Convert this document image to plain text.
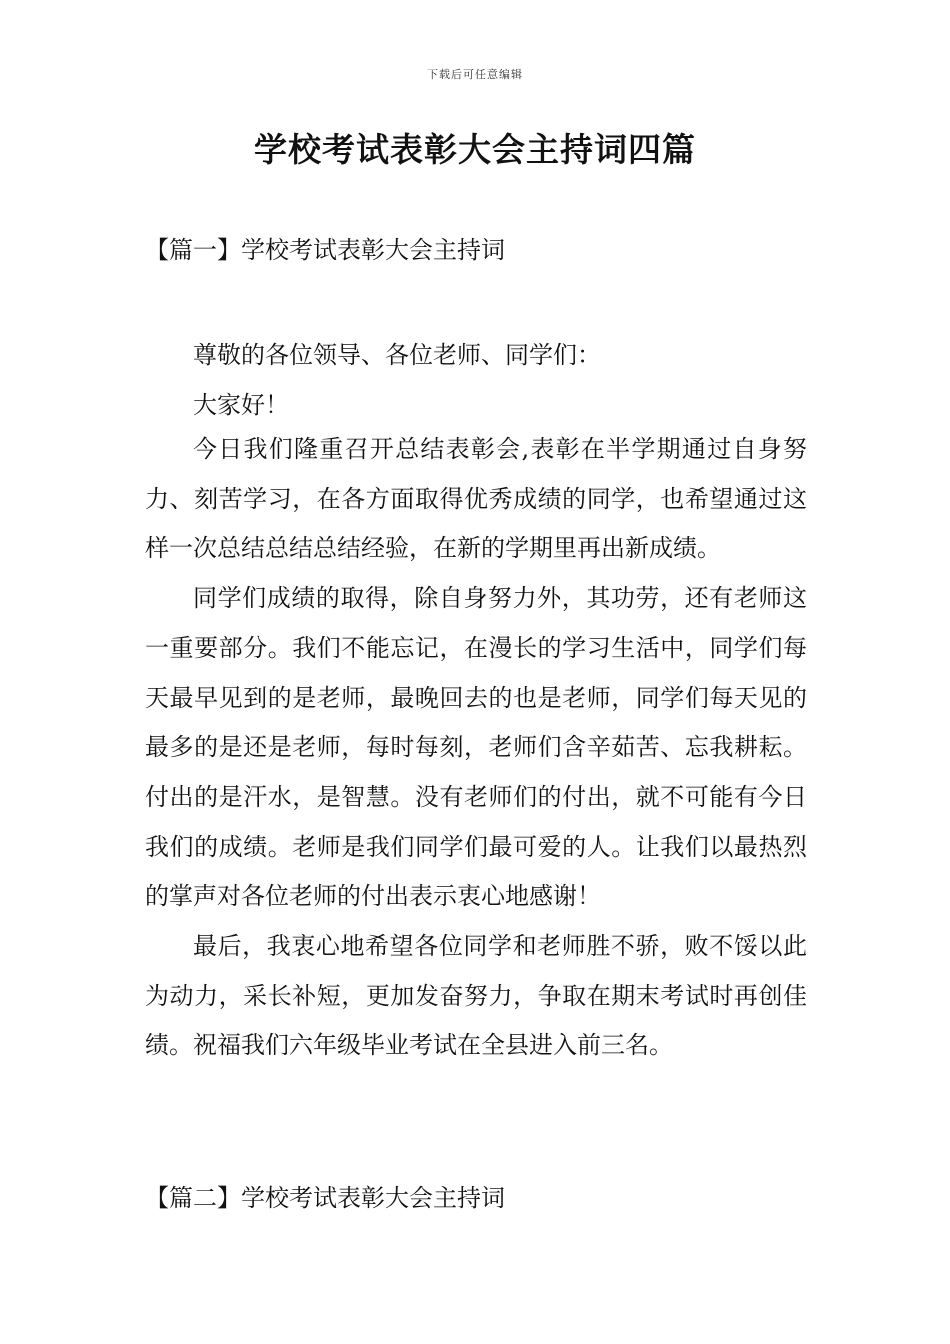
下载后可任意编辑
学校考试表彰大会主持词四篇
【篇一】学校考试表彰大会主持词

尊敬的各位领导、各位老师、同学们：

大家好！

今日我们隆重召开总结表彰会,表彰在半学期通过自身努力、刻苦学习，在各方面取得优秀成绩的同学，也希望通过这样一次总结总结总结经验，在新的学期里再出新成绩。

同学们成绩的取得，除自身努力外，其功劳，还有老师这一重要部分。我们不能忘记，在漫长的学习生活中，同学们每天最早见到的是老师，最晚回去的也是老师，同学们每天见的最多的是还是老师，每时每刻，老师们含辛茹苦、忘我耕耘。付出的是汗水，是智慧。没有老师们的付出，就不可能有今日我们的成绩。老师是我们同学们最可爱的人。让我们以最热烈的掌声对各位老师的付出表示衷心地感谢！

最后，我衷心地希望各位同学和老师胜不骄，败不馁以此为动力，采长补短，更加发奋努力，争取在期末考试时再创佳绩。祝福我们六年级毕业考试在全县进入前三名。

【篇二】学校考试表彰大会主持词
